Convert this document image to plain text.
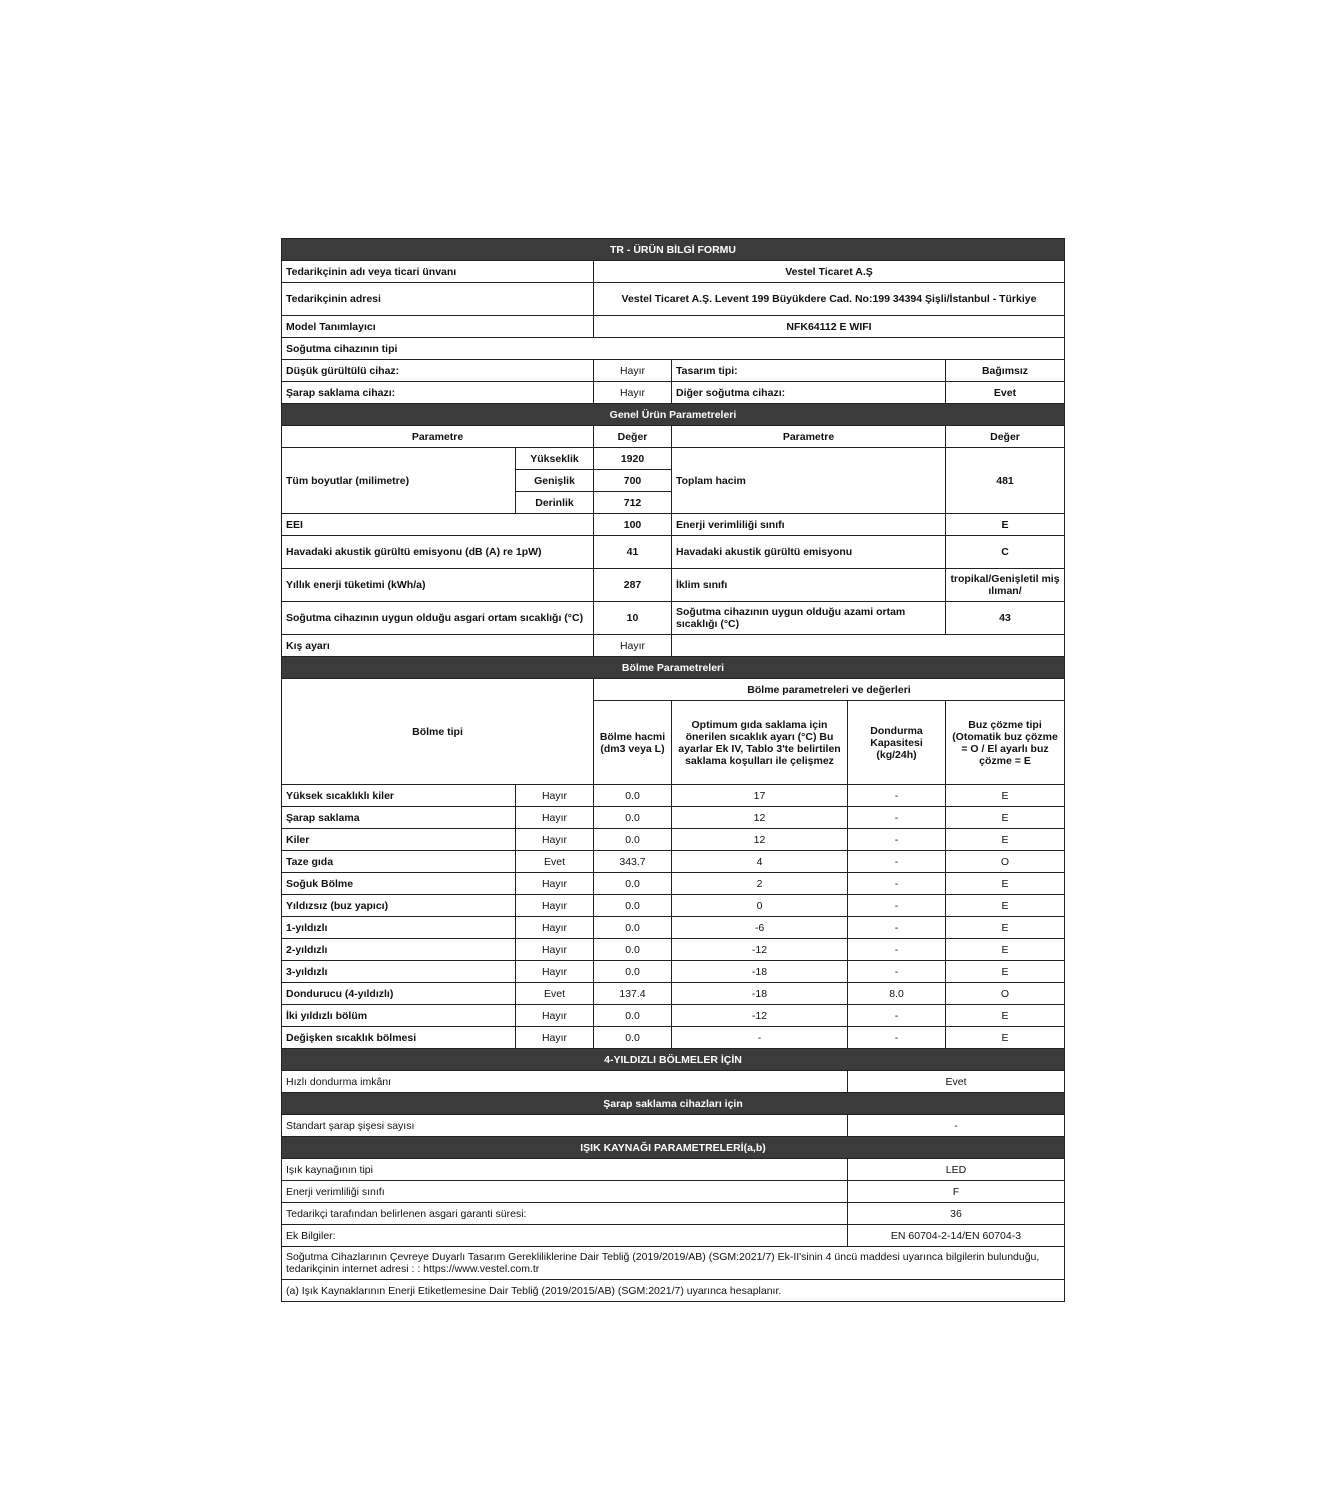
TR - ÜRÜN BİLGİ FORMU					
Tedarikçinin adı veya ticari ünvanı		Vestel Ticaret A.Ş			
Tedarikçinin adresi		Vestel Ticaret A.Ş. Levent 199 Büyükdere Cad. No:199 34394 Şişli/İstanbul - Türkiye			
Model Tanımlayıcı		NFK64112 E WIFI			
Soğutma cihazının tipi					
Düşük gürültülü cihaz:		Hayır	Tasarım tipi:		Bağımsız
Şarap saklama cihazı:		Hayır	Diğer soğutma cihazı:		Evet
Genel Ürün Parametreleri					
Parametre		Değer	Parametre		Değer
Tüm boyutlar (milimetre)	Yükseklik	1920	Toplam hacim		481
	Genişlik	700			
	Derinlik	712			
EEI		100	Enerji verimliliği sınıfı		E
Havadaki akustik gürültü emisyonu (dB (A) re 1pW)		41	Havadaki akustik gürültü emisyonu		C
Yıllık enerji tüketimi (kWh/a)		287	İklim sınıfı		tropikal/Genişletil miş ılıman/
Soğutma cihazının uygun olduğu asgari ortam sıcaklığı (°C)		10	Soğutma cihazının uygun olduğu azami ortam sıcaklığı (°C)		43
Kış ayarı		Hayır			
Bölme Parametreleri					
Bölme tipi		Bölme parametreleri ve değerleri			
		Bölme hacmi (dm3 veya L)	Optimum gıda saklama için önerilen sıcaklık ayarı (°C) Bu ayarlar Ek IV, Tablo 3'te belirtilen saklama koşulları ile çelişmez	Dondurma Kapasitesi (kg/24h)	Buz çözme tipi (Otomatik buz çözme = O / El ayarlı buz çözme = E
Yüksek sıcaklıklı kiler	Hayır	0.0	17	-	E
Şarap saklama	Hayır	0.0	12	-	E
Kiler	Hayır	0.0	12	-	E
Taze gıda	Evet	343.7	4	-	O
Soğuk Bölme	Hayır	0.0	2	-	E
Yıldızsız (buz yapıcı)	Hayır	0.0	0	-	E
1-yıldızlı	Hayır	0.0	-6	-	E
2-yıldızlı	Hayır	0.0	-12	-	E
3-yıldızlı	Hayır	0.0	-18	-	E
Dondurucu (4-yıldızlı)	Evet	137.4	-18	8.0	O
İki yıldızlı bölüm	Hayır	0.0	-12	-	E
Değişken sıcaklık bölmesi	Hayır	0.0	-	-	E
4-YILDIZLI BÖLMELER İÇİN					
Hızlı dondurma imkânı				Evet	
Şarap saklama cihazları için					
Standart şarap şişesi sayısı				-	
IŞIK KAYNAĞI PARAMETRELERİ(a,b)					
Işık kaynağının tipi				LED	
Enerji verimliliği sınıfı				F	
Tedarikçi tarafından belirlenen asgari garanti süresi:				36	
Ek Bilgiler:				EN 60704-2-14/EN 60704-3	
Soğutma Cihazlarının Çevreye Duyarlı Tasarım Gerekliliklerine Dair Tebliğ (2019/2019/AB) (SGM:2021/7) Ek-II'sinin 4 üncü maddesi uyarınca bilgilerin bulunduğu, tedarikçinin internet adresi : : https://www.vestel.com.tr					
(a) Işık Kaynaklarının Enerji Etiketlemesine Dair Tebliğ (2019/2015/AB) (SGM:2021/7) uyarınca hesaplanır.					
